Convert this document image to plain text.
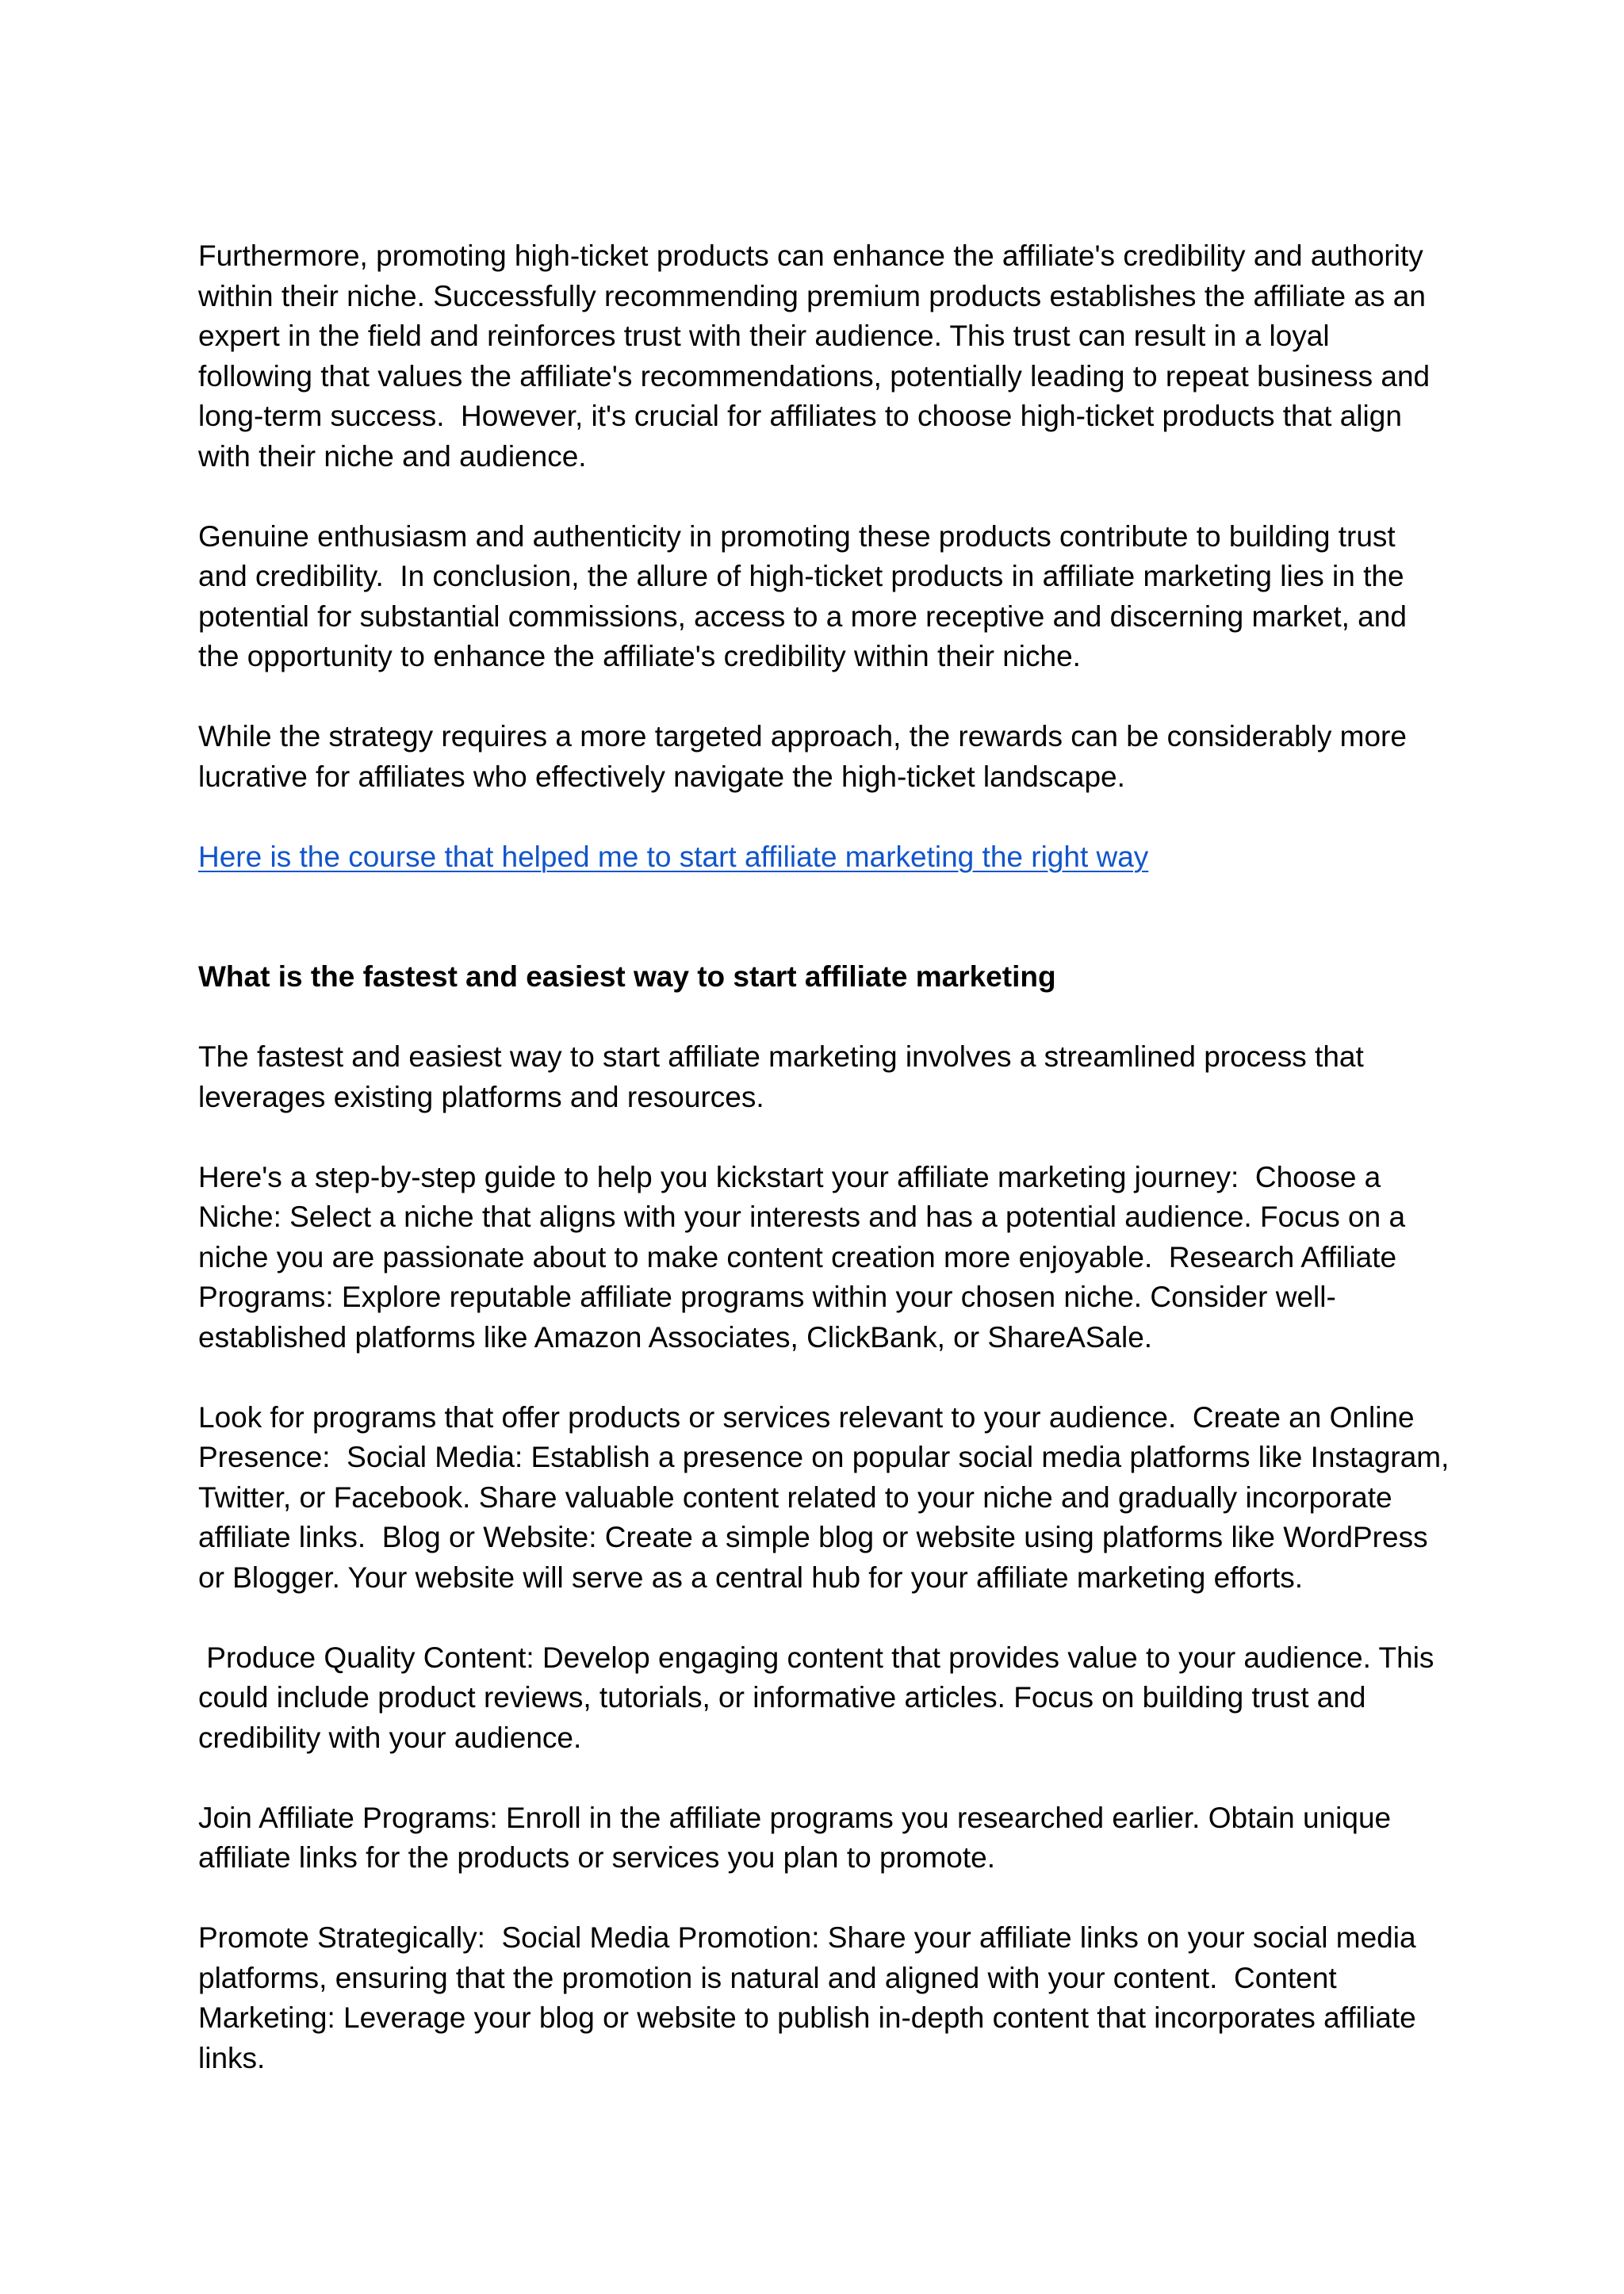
Furthermore, promoting high-ticket products can enhance the affiliate's credibility and authority within their niche. Successfully recommending premium products establishes the affiliate as an expert in the field and reinforces trust with their audience. This trust can result in a loyal following that values the affiliate's recommendations, potentially leading to repeat business and long-term success.  However, it's crucial for affiliates to choose high-ticket products that align with their niche and audience.

Genuine enthusiasm and authenticity in promoting these products contribute to building trust and credibility.  In conclusion, the allure of high-ticket products in affiliate marketing lies in the potential for substantial commissions, access to a more receptive and discerning market, and the opportunity to enhance the affiliate's credibility within their niche.

While the strategy requires a more targeted approach, the rewards can be considerably more lucrative for affiliates who effectively navigate the high-ticket landscape.

Here is the course that helped me to start affiliate marketing the right way

What is the fastest and easiest way to start affiliate marketing

The fastest and easiest way to start affiliate marketing involves a streamlined process that leverages existing platforms and resources.

Here's a step-by-step guide to help you kickstart your affiliate marketing journey:  Choose a Niche: Select a niche that aligns with your interests and has a potential audience. Focus on a niche you are passionate about to make content creation more enjoyable.  Research Affiliate Programs: Explore reputable affiliate programs within your chosen niche. Consider well-established platforms like Amazon Associates, ClickBank, or ShareASale.

Look for programs that offer products or services relevant to your audience.  Create an Online Presence:  Social Media: Establish a presence on popular social media platforms like Instagram, Twitter, or Facebook. Share valuable content related to your niche and gradually incorporate affiliate links.  Blog or Website: Create a simple blog or website using platforms like WordPress or Blogger. Your website will serve as a central hub for your affiliate marketing efforts.

Produce Quality Content: Develop engaging content that provides value to your audience. This could include product reviews, tutorials, or informative articles. Focus on building trust and credibility with your audience.

Join Affiliate Programs: Enroll in the affiliate programs you researched earlier. Obtain unique affiliate links for the products or services you plan to promote.

Promote Strategically:  Social Media Promotion: Share your affiliate links on your social media platforms, ensuring that the promotion is natural and aligned with your content.  Content Marketing: Leverage your blog or website to publish in-depth content that incorporates affiliate links.
